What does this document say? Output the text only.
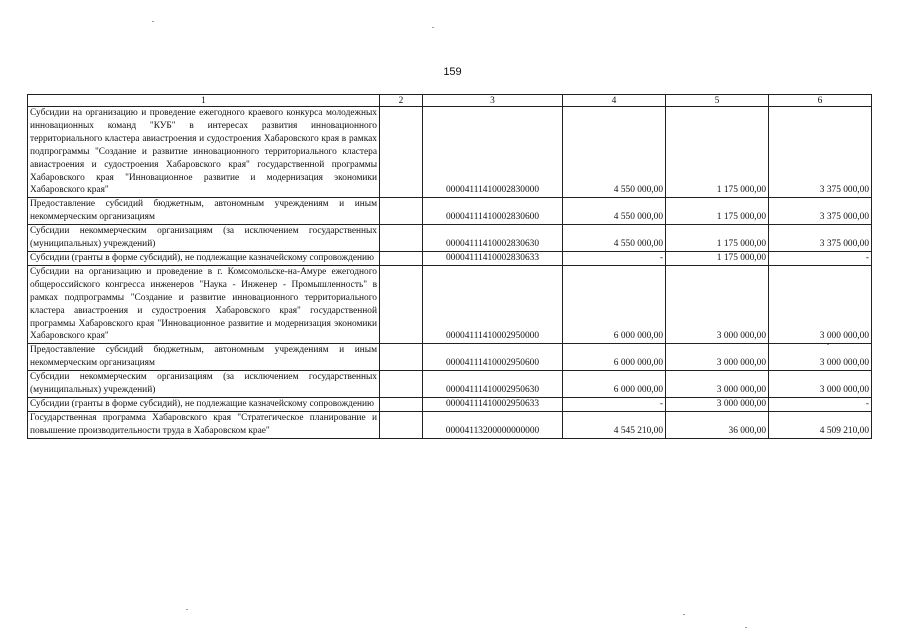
159
1	2	3	4	5	6
Субсидии на организацию и проведение ежегодного краевого конкурса молодежных инновационных команд "КУБ" в интересах развития инновационного территориального кластера авиастроения и судостроения Хабаровского края в рамках подпрограммы "Создание и развитие инновационного территориального кластера авиастроения и судостроения Хабаровского края" государственной программы Хабаровского края "Инновационное развитие и модернизация экономики Хабаровского края"		00004111410002830000	4 550 000,00	1 175 000,00	3 375 000,00
Предоставление субсидий бюджетным, автономным учреждениям и иным некоммерческим организациям		00004111410002830600	4 550 000,00	1 175 000,00	3 375 000,00
Субсидии некоммерческим организациям (за исключением государственных (муниципальных) учреждений)		00004111410002830630	4 550 000,00	1 175 000,00	3 375 000,00
Субсидии (гранты в форме субсидий), не подлежащие казначейскому сопровождению		00004111410002830633	-	1 175 000,00	-
Субсидии на организацию и проведение в г. Комсомольске-на-Амуре ежегодного общероссийского конгресса инженеров "Наука - Инженер - Промышленность" в рамках подпрограммы "Создание и развитие инновационного территориального кластера авиастроения и судостроения Хабаровского края" государственной программы Хабаровского края "Инновационное развитие и модернизация экономики Хабаровского края"		00004111410002950000	6 000 000,00	3 000 000,00	3 000 000,00
Предоставление субсидий бюджетным, автономным учреждениям и иным некоммерческим организациям		00004111410002950600	6 000 000,00	3 000 000,00	3 000 000,00
Субсидии некоммерческим организациям (за исключением государственных (муниципальных) учреждений)		00004111410002950630	6 000 000,00	3 000 000,00	3 000 000,00
Субсидии (гранты в форме субсидий), не подлежащие казначейскому сопровождению		00004111410002950633	-	3 000 000,00	-
Государственная программа Хабаровского края "Стратегическое планирование и повышение производительности труда в Хабаровском крае"		00004113200000000000	4 545 210,00	36 000,00	4 509 210,00
